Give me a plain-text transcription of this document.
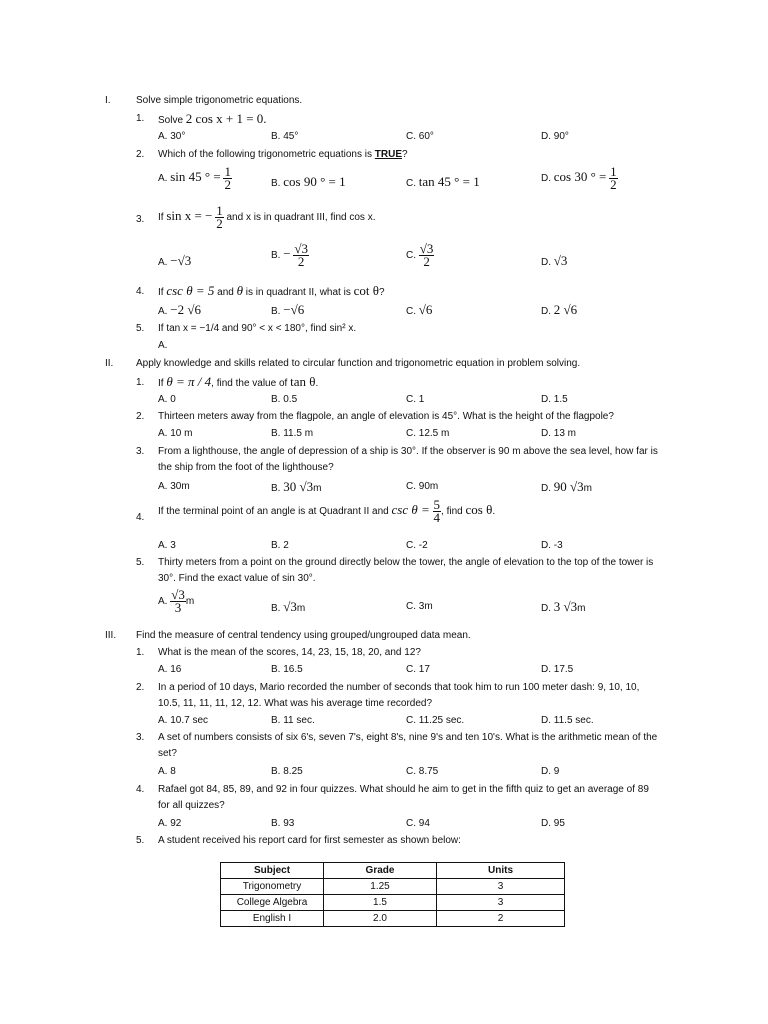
I.	Solve simple trigonometric equations.
1. Solve 2 cos x + 1 = 0.
A. 30°	B. 45°	C. 60°	D. 90°
2. Which of the following trigonometric equations is TRUE?
A. sin 45 ° = $\frac{1}{2}$	B. cos 90 ° = 1	C. tan 45 ° = 1	D. cos 30 ° = $\frac{1}{2}$
3. If sin x = − $\frac{1}{2}$ and x is in quadrant III, find cos x.
A. −√3	B. − $\frac{√3}{2}$	C. $\frac{√3}{2}$	D. √3
4. If csc θ = 5 and θ is in quadrant II, what is cot θ?
A. −2 √6	B. −√6	C. √6	D. 2 √6
5. If tan x = −1/4 and 90° < x < 180°, find sin² x.
A.
II. Apply knowledge and skills related to circular function and trigonometric equation in problem solving.
1. If θ = π / 4, find the value of tan θ.
A. 0	B. 0.5	C. 1	D. 1.5
2. Thirteen meters away from the flagpole, an angle of elevation is 45°. What is the height of the flagpole?
A. 10 m	B. 11.5 m	C. 12.5 m	D. 13 m
3. From a lighthouse, the angle of depression of a ship is 30°. If the observer is 90 m above the sea level, how far is
the ship from the foot of the lighthouse?
A. 30m	B. 30 √3m	C. 90m	D. 90 √3m
4.
If the terminal point of an angle is at Quadrant II and $\csc \theta = \frac{5}{4}$ , find cos θ.
A. 3	B. 2	C. -2	D. -3
5. Thirty meters from a point on the ground directly below the tower, the angle of elevation to the top of the tower is
30°. Find the exact value of sin 30°.
A. $\frac{√3}{3}$ m
B. √3m	C. 3m	D. 3 √3m
III. Find the measure of central tendency using grouped/ungrouped data mean.
1. What is the mean of the scores, 14, 23, 15, 18, 20, and 12?
A. 16	B. 16.5	C. 17	D. 17.5
2. In a period of 10 days, Mario recorded the number of seconds that took him to run 100 meter dash: 9, 10, 10,
10.5, 11, 11, 11, 12, 12. What was his average time recorded?
A. 10.7 sec	B. 11 sec.	C. 11.25 sec.	D. 11.5 sec.
3. A set of numbers consists of six 6's, seven 7's, eight 8's, nine 9's and ten 10's. What is the arithmetic mean of the
set?
A. 8	B. 8.25	C. 8.75	D. 9
4. Rafael got 84, 85, 89, and 92 in four quizzes. What should he aim to get in the fifth quiz to get an average of 89
for all quizzes?
A. 92	B. 93	C. 94	D. 95
5. A student received his report card for first semester as shown below:
Subject	Grade	Units
Trigonometry	1.25	3
College Algebra	1.5	3
English I	2.0	2
